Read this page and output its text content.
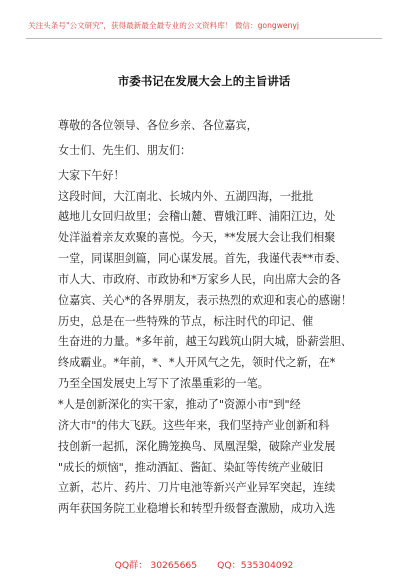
关注头条号"公文研究"，获得最新最全最专业的公文资料库！ 微信：gongwenyj
市委书记在发展大会上的主旨讲话
尊敬的各位领导、各位乡亲、各位嘉宾，
女士们、先生们、朋友们：
大家下午好！
这段时间，大江南北、长城内外、五湖四海，一批批
越地儿女回归故里；会稽山麓、曹娥江畔、浦阳江边，处
处洋溢着亲友欢聚的喜悦。今天，**发展大会让我们相聚
一堂，同谋胆剑篇，同心谋发展。首先，我谨代表**市委、
市人大、市政府、市政协和*万家乡人民，向出席大会的各
位嘉宾、关心*的各界朋友，表示热烈的欢迎和衷心的感谢！
历史，总是在一些特殊的节点，标注时代的印记、催
生奋进的力量。*多年前，越王勾践筑山阴大城，卧薪尝胆、
终成霸业。*年前，*、*人开风气之先，领时代之新，在*
乃至全国发展史上写下了浓墨重彩的一笔。
*人是创新深化的实干家，推动了"资源小市"到"经
济大市"的伟大飞跃。这些年来，我们坚持产业创新和科
技创新一起抓，深化腾笼换鸟、凤凰涅槃，破除产业发展
"成长的烦恼"，推动酒缸、酱缸、染缸等传统产业破旧
立新，芯片、药片、刀片电池等新兴产业异军突起，连续
两年获国务院工业稳增长和转型升级督查激励，成功入选
QQ群： 30265665 QQ：535304092
